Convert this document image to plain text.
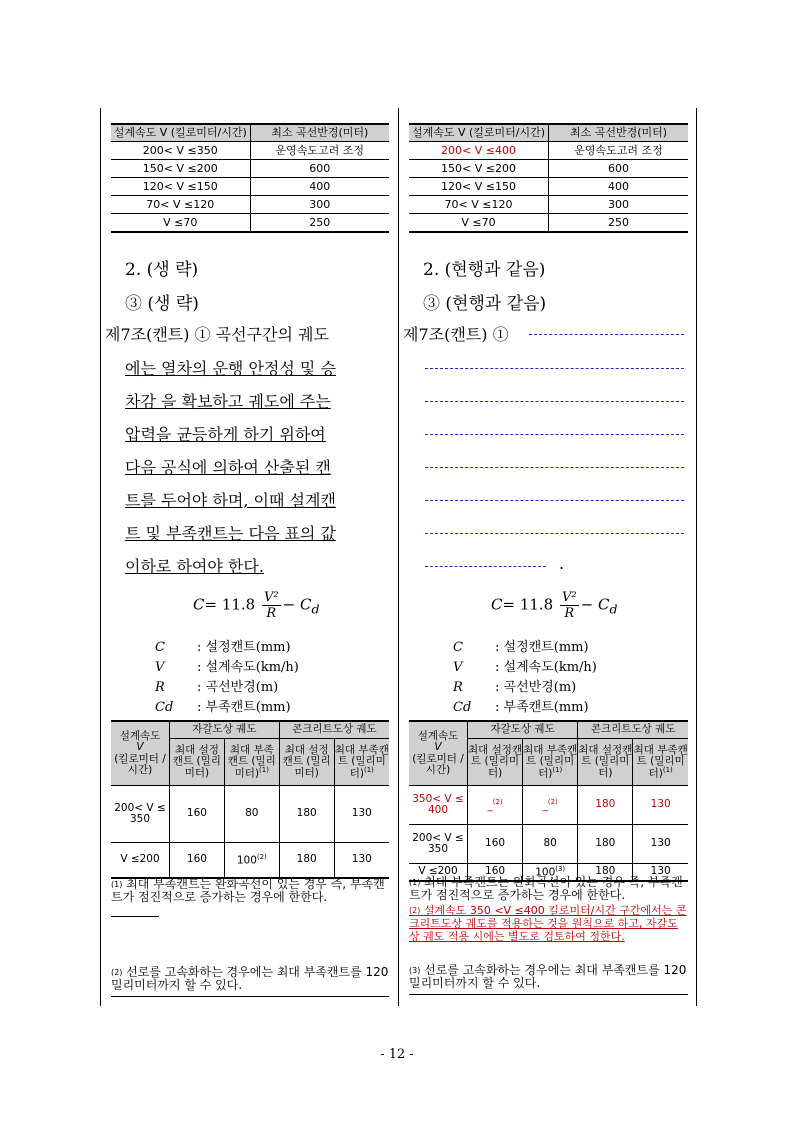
설계속도 V (킬로미터/시간)	최소 곡선반경(미터)
200< V ≤350	운영속도고려 조정
150< V ≤200	600
120< V ≤150	400
70< V ≤120	300
V ≤70	250
2. (생 략)
③ (생 략)
제7조(캔트) ① 곡선구간의 궤도
에는 열차의 운행 안정성 및 승
차감 을 확보하고 궤도에 주는
압력을 균등하게 하기 위하여
다음 공식에 의하여 산출된 캔
트를 두어야 하며, 이때 설계캔
트 및 부족캔트는 다음 표의 값
이하로 하여야 한다.
$C= 11.8 \frac{\text{V²}}{R} - C_d$
C : 설정캔트(mm)
V	: 설계속도(km/h)
R : 곡선반경(m)
Cd : 부족캔트(mm)
설계속도
V
(킬로미터 /시간)	자갈도상 궤도		콘크리트도상 궤도	
	최대 설정캔트 (밀리미터)	최대 부족캔트 (밀리미터)$^{(1)}$	최대 설정캔트 (밀리미터)	최대 부족캔트 (밀리미터)$^{(1)}$
200< V ≤ 350	160	80	180	130
V ≤200	160	100$^{(2)}$	180	130
$^{(1)}$ 최대 부족캔트는 완화곡선이 있는 경우 즉, 부족캔트가 점진적으로 증가하는 경우에 한한다.
$^{(2)}$ 선로를 고속화하는 경우에는 최대 부족캔트를 120밀리미터까지 할 수 있다.
설계속도 V (킬로미터/시간)	최소 곡선반경(미터)
200< V ≤400	운영속도고려 조정
150< V ≤200	600
120< V ≤150	400
70< V ≤120	300
V ≤70	250
2. (현행과 같음)
③ (현행과 같음)
제7조(캔트) ①
.
$C= 11.8 \frac{\text{V²}}{R} - C_d$
C : 설정캔트(mm)
V	: 설계속도(km/h)
R : 곡선반경(m)
Cd : 부족캔트(mm)
설계속도
V
(킬로미터 /시간)	자갈도상 궤도		콘크리트도상 궤도	
	최대 설정캔트 (밀리미터)	최대 부족캔트 (밀리미터)$^{(1)}$	최대 설정캔트 (밀리미터)	최대 부족캔트 (밀리미터)$^{(1)}$
350< V ≤ 400	_$^{(2)}$	_$^{(2)}$	180	130
200< V ≤ 350	160	80	180	130
V ≤200	160	100$^{(3)}$	180	130
$^{(1)}$ 최대 부족캔트는 완화곡선이 있는 경우 즉, 부족캔트가 점진적으로 증가하는 경우에 한한다.
$^{(2)}$ 설계속도 350 <V ≤400 킬로미터/시간 구간에서는 콘크리트도상 궤도를 적용하는 것을 원칙으로 하고, 자갈도상 궤도 적용 시에는 별도로 검토하여 정한다.
$^{(3)}$ 선로를 고속화하는 경우에는 최대 부족캔트를 120밀리미터까지 할 수 있다.
- 12 -
